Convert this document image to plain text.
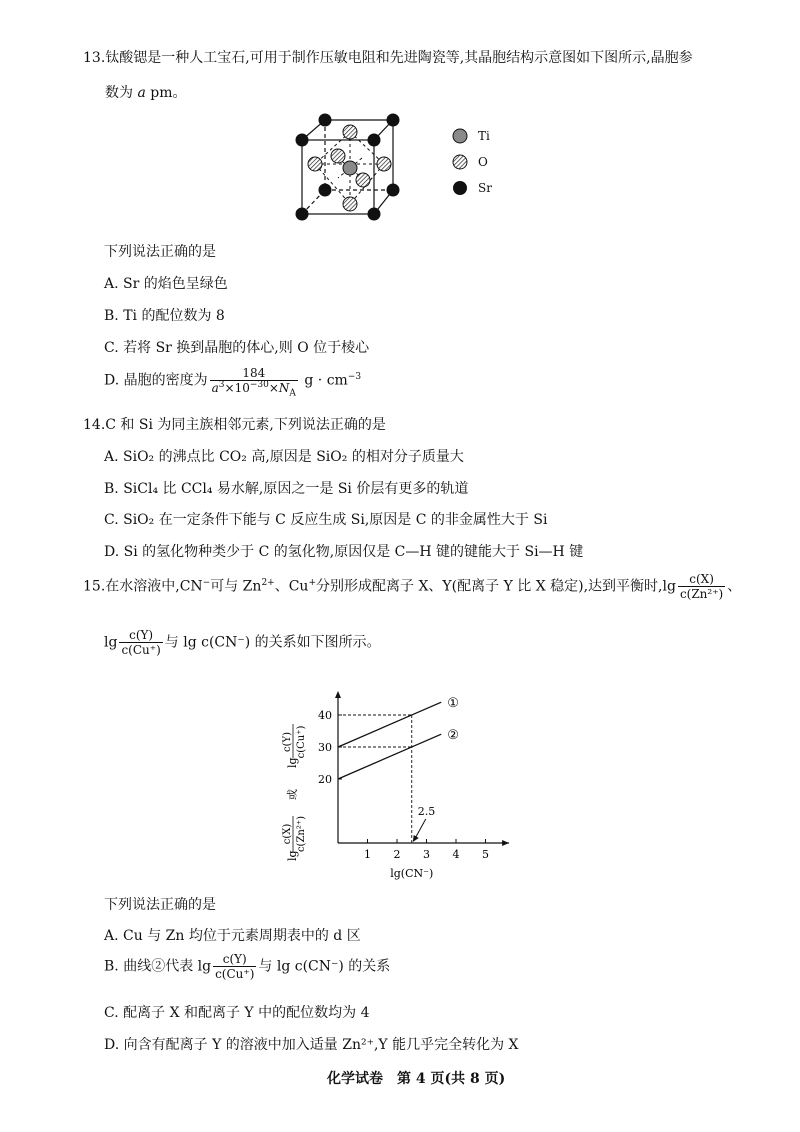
13.钛酸锶是一种人工宝石,可用于制作压敏电阻和先进陶瓷等,其晶胞结构示意图如下图所示,晶胞参
数为 a pm。
Ti
O
Sr
下列说法正确的是
A. Sr 的焰色呈绿色
B. Ti 的配位数为 8
C. 若将 Sr 换到晶胞的体心,则 O 位于棱心
D. 晶胞的密度为 $\frac{184}{a^3\times 10^{-30}\times N_A}$ $g \cdot cm^{-3}$
14.C 和 Si 为同主族相邻元素,下列说法正确的是
A. SiO₂ 的沸点比 CO₂ 高,原因是 SiO₂ 的相对分子质量大
B. SiCl₄ 比 CCl₄ 易水解,原因之一是 Si 价层有更多的轨道
C. SiO₂ 在一定条件下能与 C 反应生成 Si,原因是 C 的非金属性大于 Si
D. Si 的氢化物种类少于 C 的氢化物,原因仅是 C—H 键的键能大于 Si—H 键
15.在水溶液中,CN−可与 $Zn^{2+}$、Cu+分别形成配离子 X、Y(配离子 Y 比 X 稳定),达到平衡时$,\lg \frac{c(X)}{\text{c(Zn²⁺)}}$ 、
$\lg \frac{c(Y)}{c(Cu^+)}$ 与 lg c(CN⁻) 的关系如下图所示。
lg
c(X) c(Zn²⁺)
或
lg
c(Y) c(Cu⁺)
1 2 3 4 5
20
30
40
lg(CN⁻)
①
②
2.5
下列说法正确的是
A. Cu 与 Zn 均位于元素周期表中的 d 区
B. 曲线②代表 $\lg \frac{c(Y)}{c(Cu^+)}$ 与 lg c(CN⁻) 的关系
C. 配离子 X 和配离子 Y 中的配位数均为 4
D. 向含有配离子 Y 的溶液中加入适量 Zn²⁺,Y 能几乎完全转化为 X
化学试卷　第 4 页(共 8 页)
